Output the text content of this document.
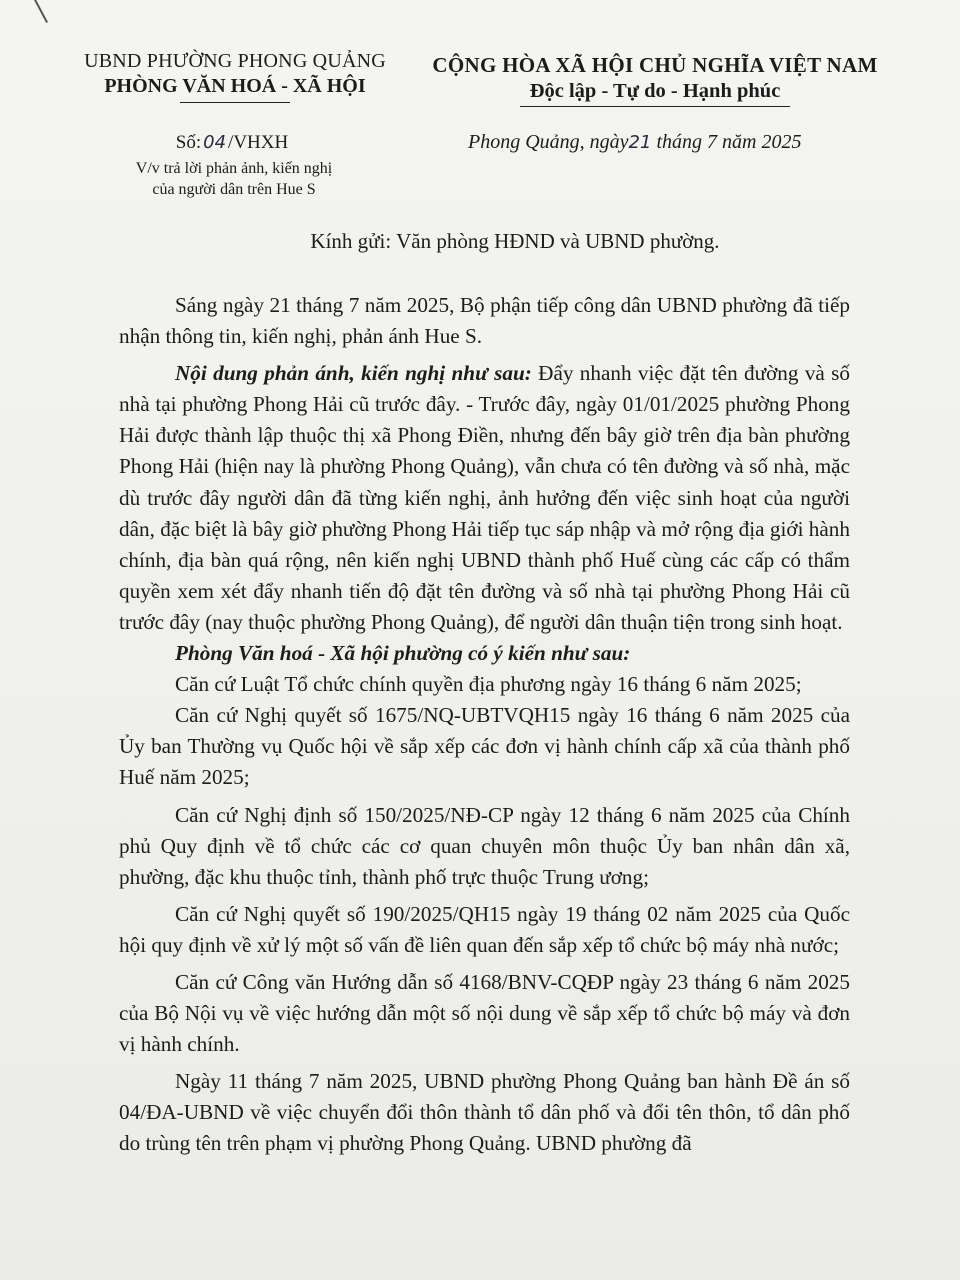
UBND PHƯỜNG PHONG QUẢNG
PHÒNG VĂN HOÁ - XÃ HỘI
CỘNG HÒA XÃ HỘI CHỦ NGHĨA VIỆT NAM
Độc lập - Tự do - Hạnh phúc
Số: 04 /VHXH
V/v trả lời phản ảnh, kiến nghị
của người dân trên Hue S
Phong Quảng, ngày21 tháng 7 năm 2025
Kính gửi: Văn phòng HĐND và UBND phường.

Sáng ngày 21 tháng 7 năm 2025, Bộ phận tiếp công dân UBND phường đã tiếp nhận thông tin, kiến nghị, phản ánh Hue S.

Nội dung phản ánh, kiến nghị như sau: Đẩy nhanh việc đặt tên đường và số nhà tại phường Phong Hải cũ trước đây. - Trước đây, ngày 01/01/2025 phường Phong Hải được thành lập thuộc thị xã Phong Điền, nhưng đến bây giờ trên địa bàn phường Phong Hải (hiện nay là phường Phong Quảng), vẫn chưa có tên đường và số nhà, mặc dù trước đây người dân đã từng kiến nghị, ảnh hưởng đến việc sinh hoạt của người dân, đặc biệt là bây giờ phường Phong Hải tiếp tục sáp nhập và mở rộng địa giới hành chính, địa bàn quá rộng, nên kiến nghị UBND thành phố Huế cùng các cấp có thẩm quyền xem xét đẩy nhanh tiến độ đặt tên đường và số nhà tại phường Phong Hải cũ trước đây (nay thuộc phường Phong Quảng), để người dân thuận tiện trong sinh hoạt.

Phòng Văn hoá - Xã hội phường có ý kiến như sau:

Căn cứ Luật Tổ chức chính quyền địa phương ngày 16 tháng 6 năm 2025;

Căn cứ Nghị quyết số 1675/NQ-UBTVQH15 ngày 16 tháng 6 năm 2025 của Ủy ban Thường vụ Quốc hội về sắp xếp các đơn vị hành chính cấp xã của thành phố Huế năm 2025;

Căn cứ Nghị định số 150/2025/NĐ-CP ngày 12 tháng 6 năm 2025 của Chính phủ Quy định về tổ chức các cơ quan chuyên môn thuộc Ủy ban nhân dân xã, phường, đặc khu thuộc tỉnh, thành phố trực thuộc Trung ương;

Căn cứ Nghị quyết số 190/2025/QH15 ngày 19 tháng 02 năm 2025 của Quốc hội quy định về xử lý một số vấn đề liên quan đến sắp xếp tổ chức bộ máy nhà nước;

Căn cứ Công văn Hướng dẫn số 4168/BNV-CQĐP ngày 23 tháng 6 năm 2025 của Bộ Nội vụ về việc hướng dẫn một số nội dung về sắp xếp tổ chức bộ máy và đơn vị hành chính.

Ngày 11 tháng 7 năm 2025, UBND phường Phong Quảng ban hành Đề án số 04/ĐA-UBND về việc chuyển đổi thôn thành tổ dân phố và đổi tên thôn, tổ dân phố do trùng tên trên phạm vị phường Phong Quảng. UBND phường đã
